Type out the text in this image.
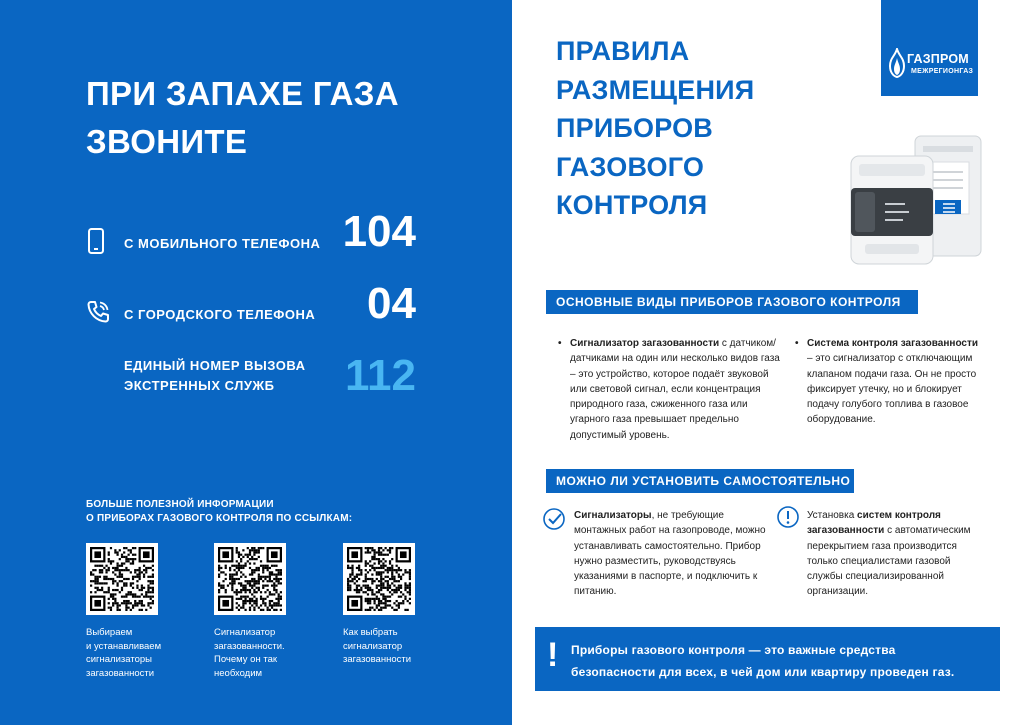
ПРИ ЗАПАХЕ ГАЗА
ЗВОНИТЕ
С МОБИЛЬНОГО ТЕЛЕФОНА 104
С ГОРОДСКОГО ТЕЛЕФОНА 04
ЕДИНЫЙ НОМЕР ВЫЗОВА
ЭКСТРЕННЫХ СЛУЖБ 112
БОЛЬШЕ ПОЛЕЗНОЙ ИНФОРМАЦИИ
О ПРИБОРАХ ГАЗОВОГО КОНТРОЛЯ ПО ССЫЛКАМ:
Выбираем
и устанавливаем
сигнализаторы
загазованности
Сигнализатор
загазованности.
Почему он так
необходим
Как выбрать
сигнализатор
загазованности
ПРАВИЛА
РАЗМЕЩЕНИЯ
ПРИБОРОВ ГАЗОВОГО
КОНТРОЛЯ
ГАЗПРОМ
МЕЖРЕГИОНГАЗ
ОСНОВНЫЕ ВИДЫ ПРИБОРОВ ГАЗОВОГО КОНТРОЛЯ
• Сигнализатор загазованности с датчиком/ датчиками на один или несколько видов газа – это устройство, которое подаёт звуковой или световой сигнал, если концентрация природного газа, сжиженного газа или угарного газа превышает предельно допустимый уровень.
• Система контроля загазованности – это сигнализатор с отключающим клапаном подачи газа. Он не просто фиксирует утечку, но и блокирует подачу голубого топлива в газовое оборудование.
МОЖНО ЛИ УСТАНОВИТЬ САМОСТОЯТЕЛЬНО
Сигнализаторы, не требующие монтажных работ на газопроводе, можно устанавливать самостоятельно. Прибор нужно разместить, руководствуясь указаниями в паспорте, и подключить к питанию.
Установка систем контроля загазованности с автоматическим перекрытием газа производится только специалистами газовой службы специализированной организации.
! Приборы газового контроля — это важные средства
безопасности для всех, в чей дом или квартиру проведен газ.
